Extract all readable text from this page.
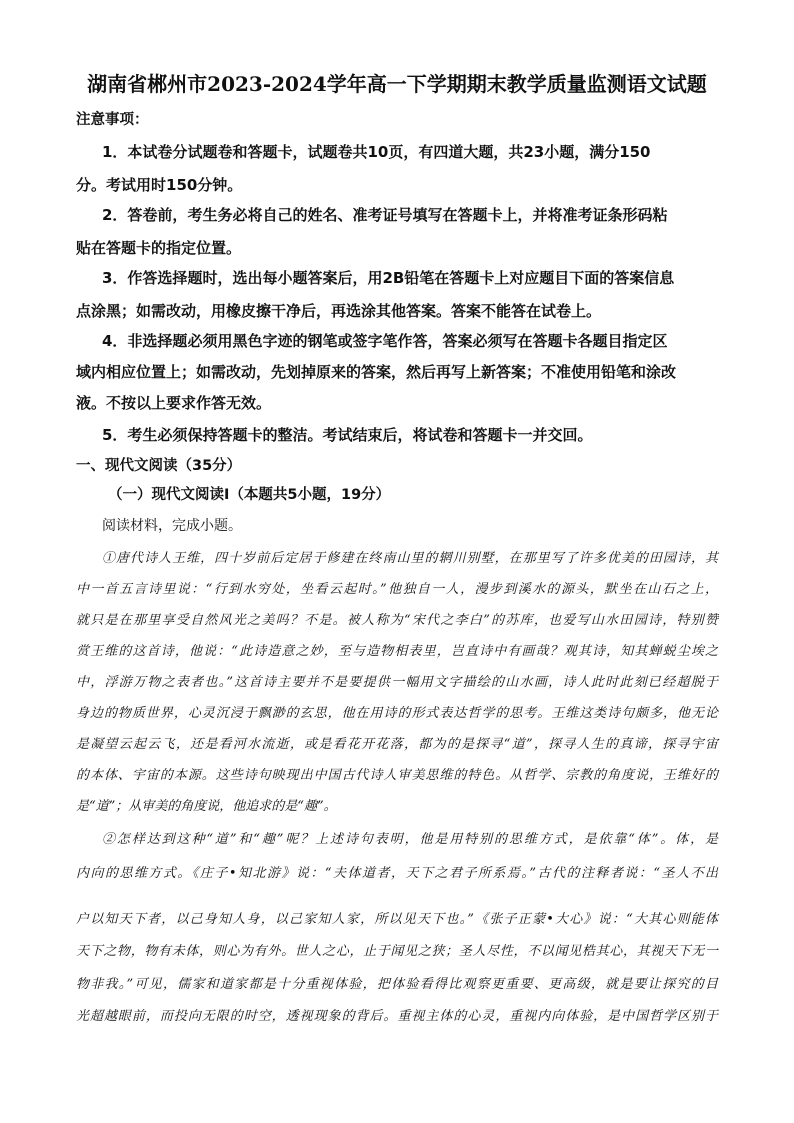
湖南省郴州市2023-2024学年高一下学期期末教学质量监测语文试题
注意事项：
1．本试卷分试题卷和答题卡，试题卷共10页，有四道大题，共23小题，满分150
分。考试用时150分钟。
2．答卷前，考生务必将自己的姓名、准考证号填写在答题卡上，并将准考证条形码粘
贴在答题卡的指定位置。
3．作答选择题时，选出每小题答案后，用2B铅笔在答题卡上对应题目下面的答案信息
点涂黑；如需改动，用橡皮擦干净后，再选涂其他答案。答案不能答在试卷上。
4．非选择题必须用黑色字迹的钢笔或签字笔作答，答案必须写在答题卡各题目指定区
域内相应位置上；如需改动，先划掉原来的答案，然后再写上新答案；不准使用铅笔和涂改
液。不按以上要求作答无效。
5．考生必须保持答题卡的整洁。考试结束后，将试卷和答题卡一并交回。
一、现代文阅读（35分）
（一）现代文阅读Ⅰ（本题共5小题，19分）
阅读材料，完成小题。
①唐代诗人王维，四十岁前后定居于修建在终南山里的辋川别墅，在那里写了许多优美的田园诗，其
中一首五言诗里说：“行到水穷处，坐看云起时。”他独自一人，漫步到溪水的源头，默坐在山石之上，
就只是在那里享受自然风光之美吗？不是。被人称为“宋代之李白”的苏库，也爱写山水田园诗，特别赞
赏王维的这首诗，他说：“此诗造意之妙，至与造物相表里，岂直诗中有画哉？观其诗，知其蝉蜕尘埃之
中，浮游万物之表者也。”这首诗主要并不是要提供一幅用文字描绘的山水画，诗人此时此刻已经超脱于
身边的物质世界，心灵沉浸于飘渺的玄思，他在用诗的形式表达哲学的思考。王维这类诗句颇多，他无论
是凝望云起云飞，还是看河水流逝，或是看花开花落，都为的是探寻“道”，探寻人生的真谛，探寻宇宙
的本体、宇宙的本源。这些诗句映现出中国古代诗人审美思维的特色。从哲学、宗教的角度说，王维好的
是“道”；从审美的角度说，他追求的是“趣”。
②怎样达到这种“道”和“趣”呢？上述诗句表明，他是用特别的思维方式，是依靠“体”。体，是
内向的思维方式。《庄子•知北游》说：“夫体道者，天下之君子所系焉。”古代的注释者说：“圣人不出
户以知天下者，以己身知人身，以己家知人家，所以见天下也。”《张子正蒙•大心》说：“大其心则能体
天下之物，物有未体，则心为有外。世人之心，止于闻见之狭；圣人尽性，不以闻见梏其心，其视天下无一
物非我。”可见，儒家和道家都是十分重视体验，把体验看得比观察更重要、更高级，就是要让探究的目
光超越眼前，而投向无限的时空，透视现象的背后。重视主体的心灵，重视内向体验，是中国哲学区别于
